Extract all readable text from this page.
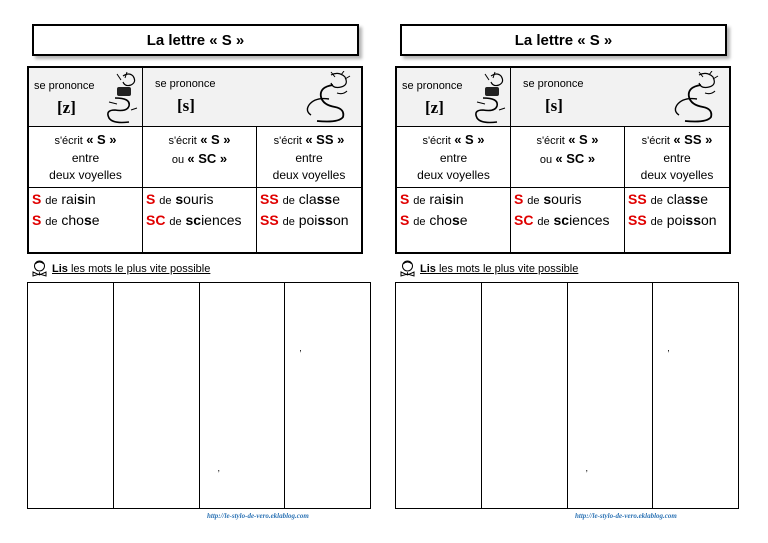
La lettre « S »
se prononce
[z]
se prononce
[s]
s'écrit « S »
entre
deux voyelles
s'écrit « S »
ou « SC »
s'écrit « SS »
entre
deux voyelles
S de raisin
S de chose
S de souris
SC de sciences
SS de classe
SS de poisson
Lis les mots le plus vite possible
,
,
http://le-stylo-de-vero.eklablog.com
La lettre « S »
se prononce
[z]
se prononce
[s]
s'écrit « S »
entre
deux voyelles
s'écrit « S »
ou « SC »
s'écrit « SS »
entre
deux voyelles
S de raisin
S de chose
S de souris
SC de sciences
SS de classe
SS de poisson
Lis les mots le plus vite possible
,
,
http://le-stylo-de-vero.eklablog.com
